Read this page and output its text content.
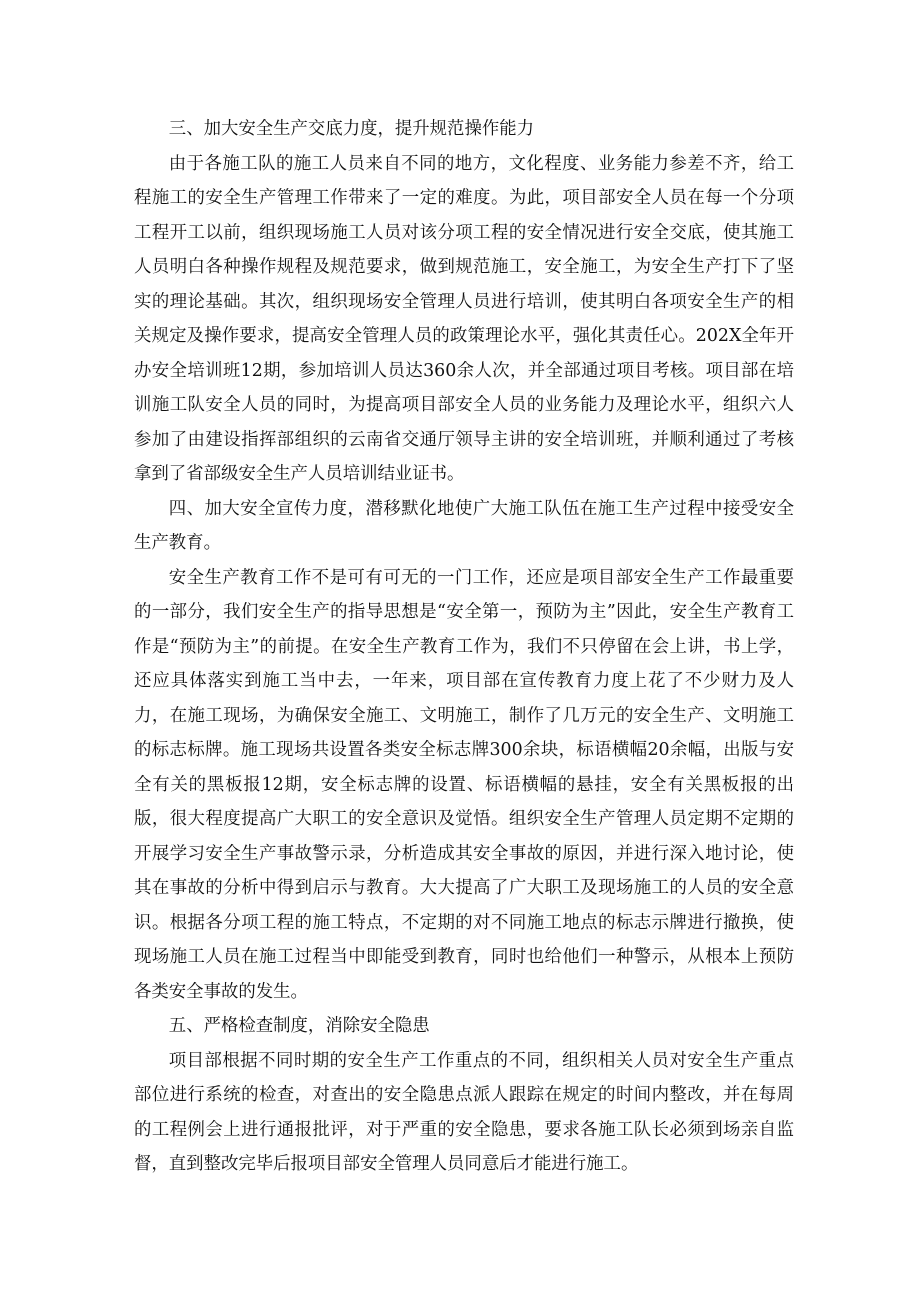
三、加大安全生产交底力度，提升规范操作能力

由于各施工队的施工人员来自不同的地方，文化程度、业务能力参差不齐，给工程施工的安全生产管理工作带来了一定的难度。为此，项目部安全人员在每一个分项工程开工以前，组织现场施工人员对该分项工程的安全情况进行安全交底，使其施工人员明白各种操作规程及规范要求，做到规范施工，安全施工，为安全生产打下了坚实的理论基础。其次，组织现场安全管理人员进行培训，使其明白各项安全生产的相关规定及操作要求，提高安全管理人员的政策理论水平，强化其责任心。202X全年开办安全培训班12期，参加培训人员达360余人次，并全部通过项目考核。项目部在培训施工队安全人员的同时，为提高项目部安全人员的业务能力及理论水平，组织六人参加了由建设指挥部组织的云南省交通厅领导主讲的安全培训班，并顺利通过了考核拿到了省部级安全生产人员培训结业证书。

四、加大安全宣传力度，潜移默化地使广大施工队伍在施工生产过程中接受安全生产教育。

安全生产教育工作不是可有可无的一门工作，还应是项目部安全生产工作最重要的一部分，我们安全生产的指导思想是“安全第一，预防为主”因此，安全生产教育工作是“预防为主”的前提。在安全生产教育工作为，我们不只停留在会上讲，书上学，还应具体落实到施工当中去，一年来，项目部在宣传教育力度上花了不少财力及人力，在施工现场，为确保安全施工、文明施工，制作了几万元的安全生产、文明施工的标志标牌。施工现场共设置各类安全标志牌300余块，标语横幅20余幅，出版与安全有关的黑板报12期，安全标志牌的设置、标语横幅的悬挂，安全有关黑板报的出版，很大程度提高广大职工的安全意识及觉悟。组织安全生产管理人员定期不定期的开展学习安全生产事故警示录，分析造成其安全事故的原因，并进行深入地讨论，使其在事故的分析中得到启示与教育。大大提高了广大职工及现场施工的人员的安全意识。根据各分项工程的施工特点，不定期的对不同施工地点的标志示牌进行撤换，使现场施工人员在施工过程当中即能受到教育，同时也给他们一种警示，从根本上预防各类安全事故的发生。

五、严格检查制度，消除安全隐患

项目部根据不同时期的安全生产工作重点的不同，组织相关人员对安全生产重点部位进行系统的检查，对查出的安全隐患点派人跟踪在规定的时间内整改，并在每周的工程例会上进行通报批评，对于严重的安全隐患，要求各施工队长必须到场亲自监督，直到整改完毕后报项目部安全管理人员同意后才能进行施工。
